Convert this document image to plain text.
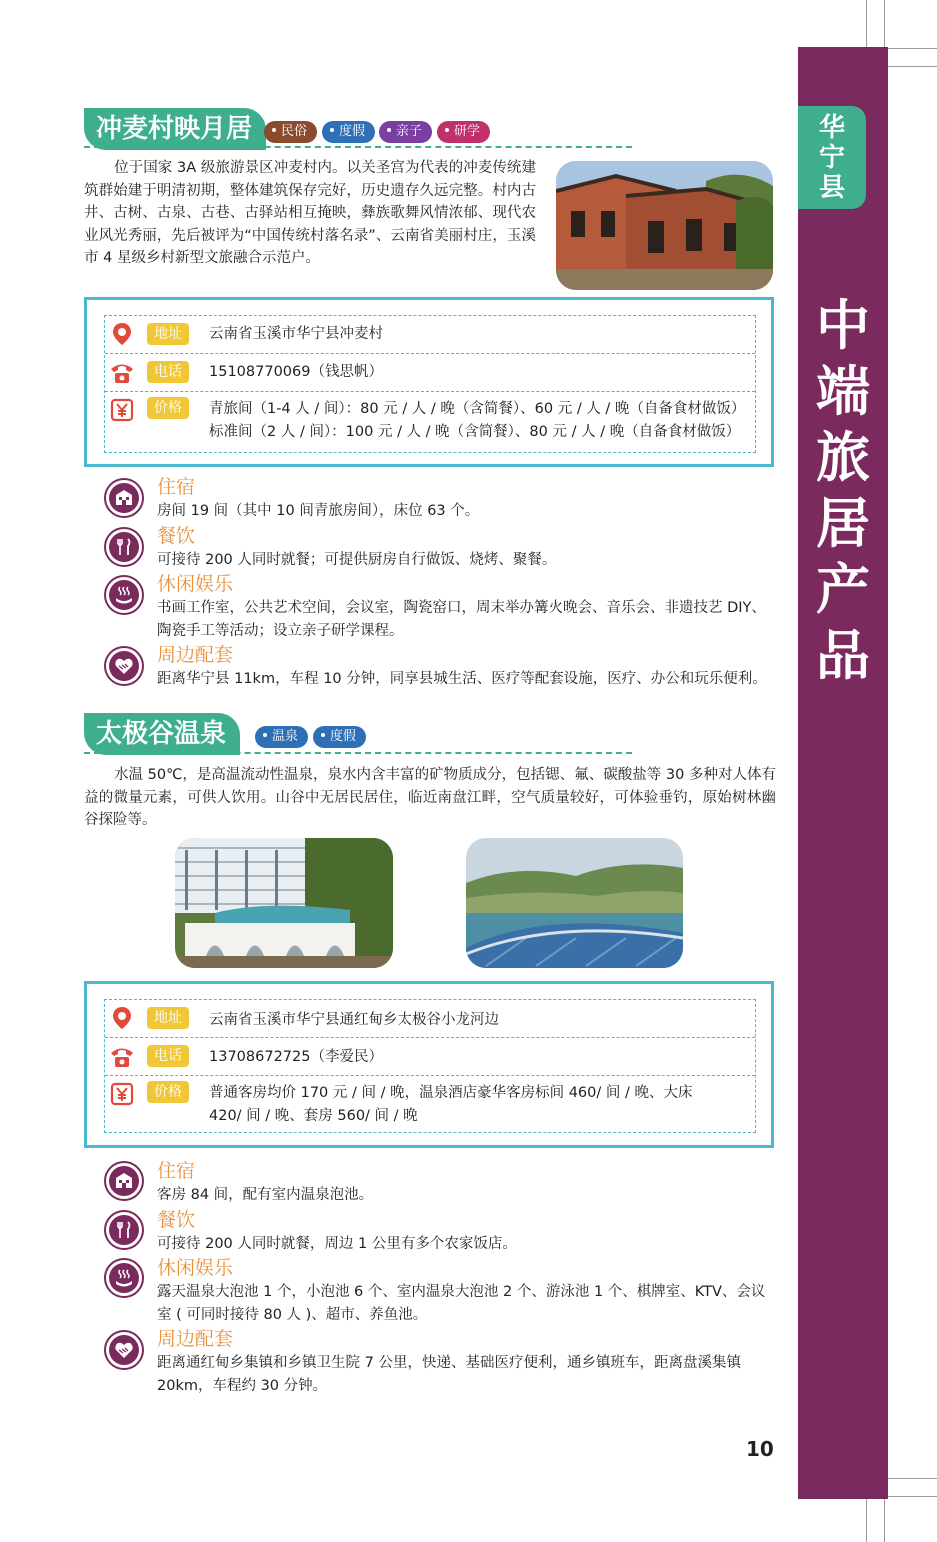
华
宁
县
中
端
旅
居
产
品
冲麦村映月居	民俗	度假	亲子	研学
位于国家 3A 级旅游景区冲麦村内。以关圣宫为代表的冲麦传统建筑群始建于明清初期，整体建筑保存完好，历史遗存久远完整。村内古井、古树、古泉、古巷、古驿站相互掩映，彝族歌舞风情浓郁、现代农业风光秀丽，先后被评为“中国传统村落名录”、云南省美丽村庄，玉溪市 4 星级乡村新型文旅融合示范户。
地址	云南省玉溪市华宁县冲麦村
电话	15108770069（钱思帆）
价格	青旅间（1-4 人 / 间）：80 元 / 人 / 晚（含简餐）、60 元 / 人 / 晚（自备食材做饭）
标准间（2 人 / 间）：100 元 / 人 / 晚（含简餐）、80 元 / 人 / 晚（自备食材做饭）
住宿
房间 19 间（其中 10 间青旅房间），床位 63 个。
餐饮
可接待 200 人同时就餐；可提供厨房自行做饭、烧烤、聚餐。
休闲娱乐
书画工作室，公共艺术空间，会议室，陶瓷窑口，周末举办篝火晚会、音乐会、非遗技艺 DIY、陶瓷手工等活动；设立亲子研学课程。
周边配套
距离华宁县 11km，车程 10 分钟，同享县城生活、医疗等配套设施，医疗、办公和玩乐便利。
太极谷温泉	温泉	度假
水温 50℃，是高温流动性温泉，泉水内含丰富的矿物质成分，包括锶、氟、碳酸盐等 30 多种对人体有益的微量元素，可供人饮用。山谷中无居民居住，临近南盘江畔，空气质量较好，可体验垂钓，原始树林幽谷探险等。
地址	云南省玉溪市华宁县通红甸乡太极谷小龙河边
电话	13708672725（李爱民）
价格	普通客房均价 170 元 / 间 / 晚，温泉酒店豪华客房标间 460/ 间 / 晚、大床
420/ 间 / 晚、套房 560/ 间 / 晚
住宿
客房 84 间，配有室内温泉泡池。
餐饮
可接待 200 人同时就餐，周边 1 公里有多个农家饭店。
休闲娱乐
露天温泉大泡池 1 个，小泡池 6 个、室内温泉大泡池 2 个、游泳池 1 个、棋牌室、KTV、会议室 ( 可同时接待 80 人 )、超市、养鱼池。
周边配套
距离通红甸乡集镇和乡镇卫生院 7 公里，快递、基础医疗便利，通乡镇班车，距离盘溪集镇 20km，车程约 30 分钟。
10
